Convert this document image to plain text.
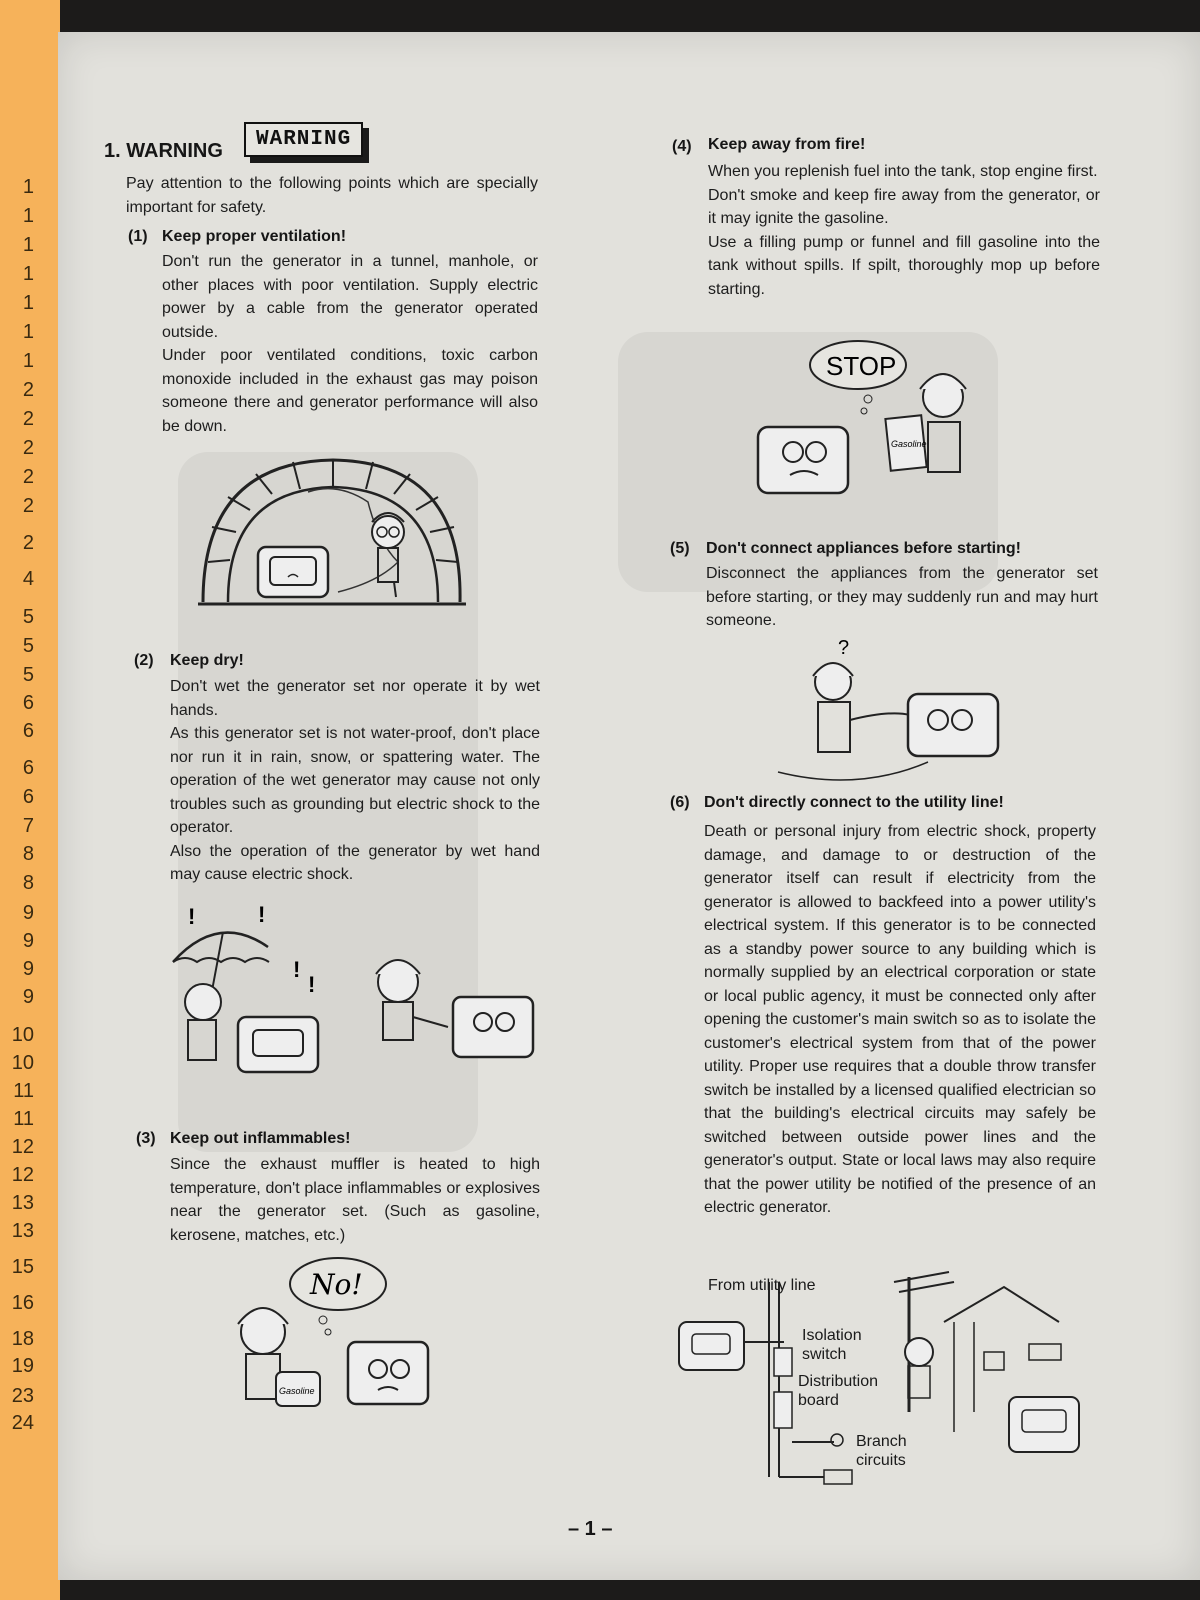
1
1
1
1
1
1
1
2
2
2
2
2
2
4
5
5
5
6
6
6
6
7
8
8
9
9
9
9
10
10
11
11
12
12
13
13
15
16
18
19
23
24
1. WARNING	WARNING
Pay attention to the following points which are specially important for safety.
(1) Keep proper ventilation!
Don't run the generator in a tunnel, manhole, or other places with poor ventilation. Supply electric power by a cable from the generator operated outside.
Under poor ventilated conditions, toxic carbon monoxide included in the exhaust gas may poison someone there and generator performance will also be down.
(2) Keep dry!
Don't wet the generator set nor operate it by wet hands.
As this generator set is not water-proof, don't place nor run it in rain, snow, or spattering water. The operation of the wet generator may cause not only troubles such as grounding but electric shock to the operator.
Also the operation of the generator by wet hand may cause electric shock.
!	!
!
!
(3) Keep out inflammables!
Since the exhaust muffler is heated to high temperature, don't place inflammables or explosives near the generator set. (Such as gasoline, kerosene, matches, etc.)
No!
Gasoline
(4) Keep away from fire!
When you replenish fuel into the tank, stop engine first.
Don't smoke and keep fire away from the generator, or it may ignite the gasoline.
Use a filling pump or funnel and fill gasoline into the tank without spills. If spilt, thoroughly mop up before starting.
STOP
Gasoline
(5) Don't connect appliances before starting!
Disconnect the appliances from the generator set before starting, or they may suddenly run and may hurt someone.
?
(6) Don't directly connect to the utility line!
Death or personal injury from electric shock, property damage, and damage to or destruction of the generator itself can result if electricity from the generator is allowed to backfeed into a power utility's electrical system. If this generator is to be connected as a standby power source to any building which is normally supplied by an electrical corporation or state or local public agency, it must be connected only after opening the customer's main switch so as to isolate the customer's electrical system from that of the power utility. Proper use requires that a double throw transfer switch be installed by a licensed qualified electrician so that the building's electrical circuits may safely be switched between outside power lines and the generator's output. State or local laws may also require that the power utility be notified of the presence of an electric generator.
From utility line
Isolation
switch
Distribution
board
Branch
circuits
– 1 –
